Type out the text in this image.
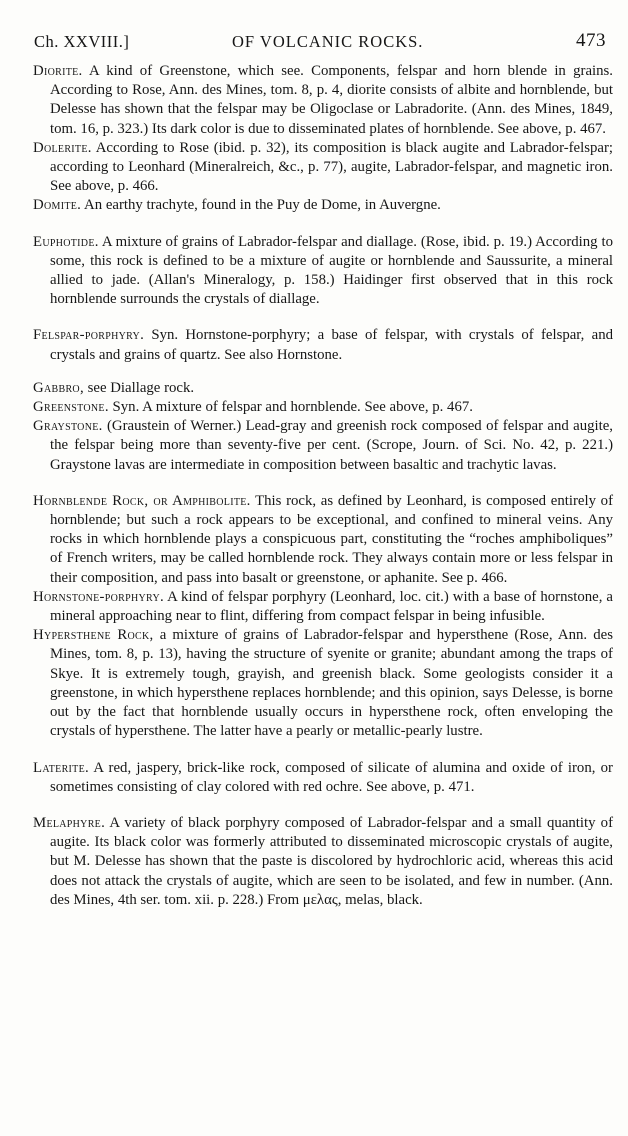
Ch. XXVIII.]	OF VOLCANIC ROCKS.	473

Diorite. A kind of Greenstone, which see. Components, felspar and horn blende in grains. According to Rose, Ann. des Mines, tom. 8, p. 4, diorite consists of albite and hornblende, but Delesse has shown that the felspar may be Oligoclase or Labradorite. (Ann. des Mines, 1849, tom. 16, p. 323.) Its dark color is due to disseminated plates of hornblende. See above, p. 467.

Dolerite. According to Rose (ibid. p. 32), its composition is black augite and Labrador-felspar; according to Leonhard (Mineralreich, &c., p. 77), augite, Labrador-felspar, and magnetic iron. See above, p. 466.

Domite. An earthy trachyte, found in the Puy de Dome, in Auvergne.

Euphotide. A mixture of grains of Labrador-felspar and diallage. (Rose, ibid. p. 19.) According to some, this rock is defined to be a mixture of augite or hornblende and Saussurite, a mineral allied to jade. (Allan's Mineralogy, p. 158.) Haidinger first observed that in this rock hornblende surrounds the crystals of diallage.

Felspar-porphyry. Syn. Hornstone-porphyry; a base of felspar, with crystals of felspar, and crystals and grains of quartz. See also Hornstone.

Gabbro, see Diallage rock.

Greenstone. Syn. A mixture of felspar and hornblende. See above, p. 467.

Graystone. (Graustein of Werner.) Lead-gray and greenish rock composed of felspar and augite, the felspar being more than seventy-five per cent. (Scrope, Journ. of Sci. No. 42, p. 221.) Graystone lavas are intermediate in composition between basaltic and trachytic lavas.

Hornblende Rock, or Amphibolite. This rock, as defined by Leonhard, is composed entirely of hornblende; but such a rock appears to be exceptional, and confined to mineral veins. Any rocks in which hornblende plays a conspicuous part, constituting the “roches amphiboliques” of French writers, may be called hornblende rock. They always contain more or less felspar in their composition, and pass into basalt or greenstone, or aphanite. See p. 466.

Hornstone-porphyry. A kind of felspar porphyry (Leonhard, loc. cit.) with a base of hornstone, a mineral approaching near to flint, differing from compact felspar in being infusible.

Hypersthene Rock, a mixture of grains of Labrador-felspar and hypersthene (Rose, Ann. des Mines, tom. 8, p. 13), having the structure of syenite or granite; abundant among the traps of Skye. It is extremely tough, grayish, and greenish black. Some geologists consider it a greenstone, in which hypersthene replaces hornblende; and this opinion, says Delesse, is borne out by the fact that hornblende usually occurs in hypersthene rock, often enveloping the crystals of hypersthene. The latter have a pearly or metallic-pearly lustre.

Laterite. A red, jaspery, brick-like rock, composed of silicate of alumina and oxide of iron, or sometimes consisting of clay colored with red ochre. See above, p. 471.

Melaphyre. A variety of black porphyry composed of Labrador-felspar and a small quantity of augite. Its black color was formerly attributed to disseminated microscopic crystals of augite, but M. Delesse has shown that the paste is discolored by hydrochloric acid, whereas this acid does not attack the crystals of augite, which are seen to be isolated, and few in number. (Ann. des Mines, 4th ser. tom. xii. p. 228.) From μελας, melas, black.
